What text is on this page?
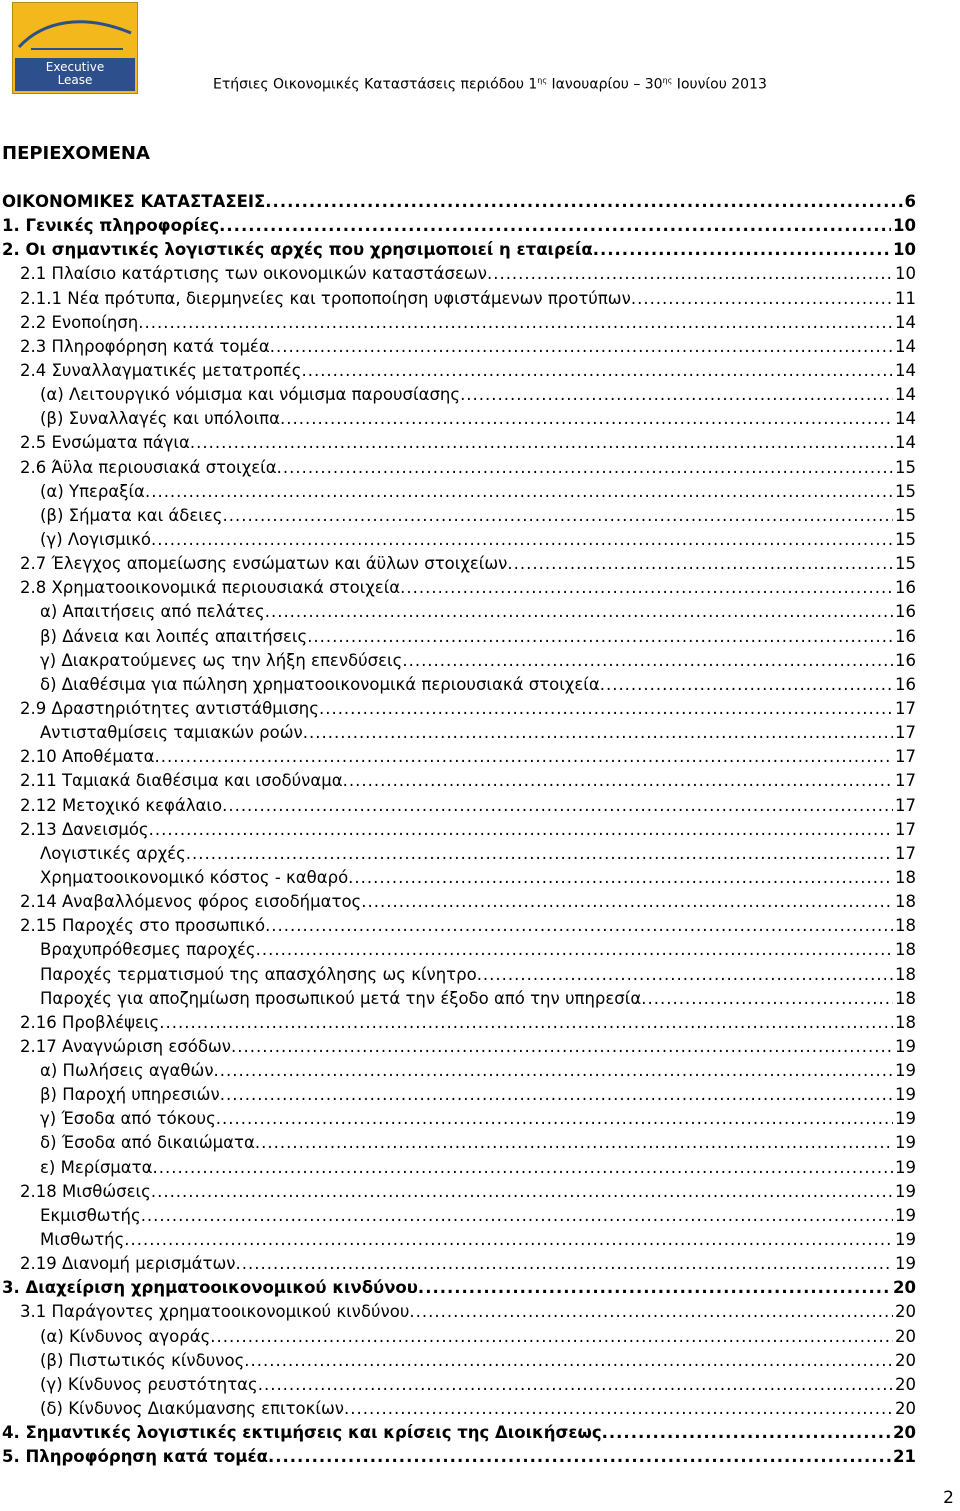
Executive
Lease	Ετήσιες Οικονομικές Καταστάσεις περιόδου $1^{\eta\varsigma}$ Ιανουαρίου – $30^{\eta\varsigma}$ Ιουνίου 2013
ΠΕΡΙΕΧΟΜΕΝΑ
ΟΙΚΟΝΟΜΙΚΕΣ ΚΑΤΑΣΤΑΣΕΙΣ .....	6
1. Γενικές πληροφορίες .....	10
2. Οι σημαντικές λογιστικές αρχές που χρησιμοποιεί η εταιρεία .....	10
2.1 Πλαίσιο κατάρτισης των οικονομικών καταστάσεων .....	10
2.1.1 Νέα πρότυπα, διερμηνείες και τροποποίηση υφιστάμενων προτύπων .....	11
2.2 Ενοποίηση .....	14
2.3 Πληροφόρηση κατά τομέα .....	14
2.4 Συναλλαγματικές μετατροπές .....	14
(α) Λειτουργικό νόμισμα και νόμισμα παρουσίασης .....	14
(β) Συναλλαγές και υπόλοιπα .....	14
2.5 Ενσώματα πάγια .....	14
2.6 Άϋλα περιουσιακά στοιχεία .....	15
(α) Υπεραξία .....	15
(β) Σήματα και άδειες .....	15
(γ) Λογισμικό .....	15
2.7 Έλεγχος απομείωσης ενσώματων και άϋλων στοιχείων .....	15
2.8 Χρηματοοικονομικά περιουσιακά στοιχεία .....	16
α) Απαιτήσεις από πελάτες .....	16
β) Δάνεια και λοιπές απαιτήσεις .....	16
γ) Διακρατούμενες ως την λήξη επενδύσεις .....	16
δ) Διαθέσιμα για πώληση χρηματοοικονομικά περιουσιακά στοιχεία .....	16
2.9 Δραστηριότητες αντιστάθμισης .....	17
Αντισταθμίσεις ταμιακών ροών .....	17
2.10 Αποθέματα .....	17
2.11 Ταμιακά διαθέσιμα και ισοδύναμα .....	17
2.12 Μετοχικό κεφάλαιο .....	17
2.13 Δανεισμός .....	17
Λογιστικές αρχές .....	17
Χρηματοοικονομικό κόστος - καθαρό .....	18
2.14 Αναβαλλόμενος φόρος εισοδήματος .....	18
2.15 Παροχές στο προσωπικό .....	18
Βραχυπρόθεσμες παροχές .....	18
Παροχές τερματισμού της απασχόλησης ως κίνητρο .....	18
Παροχές για αποζημίωση προσωπικού μετά την έξοδο από την υπηρεσία .....	18
2.16 Προβλέψεις .....	18
2.17 Αναγνώριση εσόδων .....	19
α) Πωλήσεις αγαθών .....	19
β) Παροχή υπηρεσιών .....	19
γ) Έσοδα από τόκους .....	19
δ) Έσοδα από δικαιώματα .....	19
ε) Μερίσματα .....	19
2.18 Μισθώσεις .....	19
Εκμισθωτής .....	19
Μισθωτής .....	19
2.19 Διανομή μερισμάτων .....	19
3. Διαχείριση χρηματοοικονομικού κινδύνου .....	20
3.1 Παράγοντες χρηματοοικονομικού κινδύνου .....	20
(α) Κίνδυνος αγοράς .....	20
(β) Πιστωτικός κίνδυνος .....	20
(γ) Κίνδυνος ρευστότητας .....	20
(δ) Κίνδυνος Διακύμανσης επιτοκίων .....	20
4. Σημαντικές λογιστικές εκτιμήσεις και κρίσεις της Διοικήσεως .....	20
5. Πληροφόρηση κατά τομέα .....	21
2
